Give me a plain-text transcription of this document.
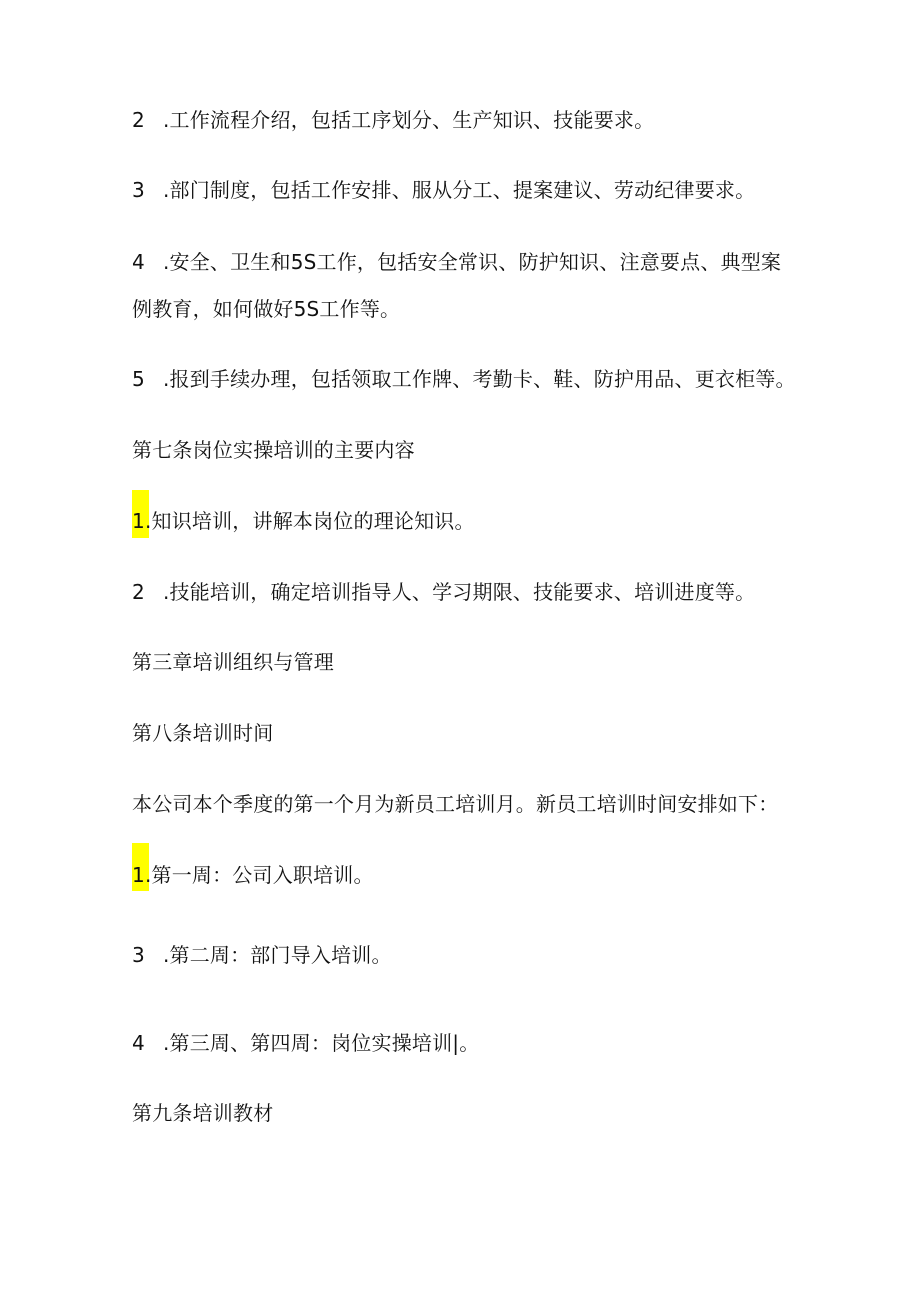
2 .工作流程介绍，包括工序划分、生产知识、技能要求。
3 .部门制度，包括工作安排、服从分工、提案建议、劳动纪律要求。
4 .安全、卫生和5S工作，包括安全常识、防护知识、注意要点、典型案
例教育，如何做好5S工作等。
5 .报到手续办理，包括领取工作牌、考勤卡、鞋、防护用品、更衣柜等。
第七条岗位实操培训的主要内容
1.知识培训，讲解本岗位的理论知识。
2 .技能培训，确定培训指导人、学习期限、技能要求、培训进度等。
第三章培训组织与管理
第八条培训时间
本公司本个季度的第一个月为新员工培训月。新员工培训时间安排如下：
1.第一周：公司入职培训。
3 .第二周：部门导入培训。
4 .第三周、第四周：岗位实操培训|。
第九条培训教材
